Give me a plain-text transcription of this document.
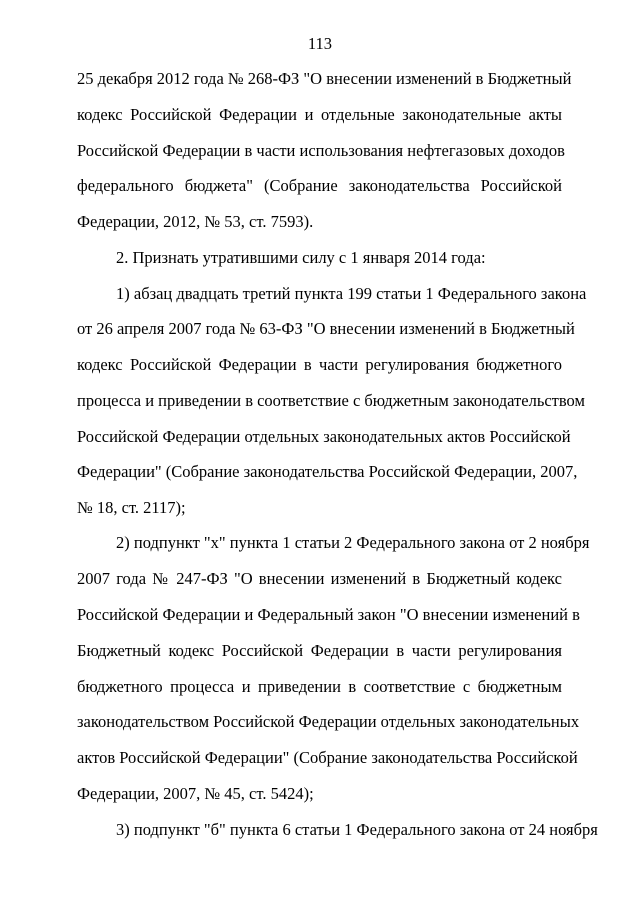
113
25 декабря 2012 года № 268-ФЗ "О внесении изменений в Бюджетный
кодекс Российской Федерации и отдельные законодательные акты
Российской Федерации в части использования нефтегазовых доходов
федерального бюджета" (Собрание законодательства Российской
Федерации, 2012, № 53, ст. 7593).
2. Признать утратившими силу с 1 января 2014 года:
1) абзац двадцать третий пункта 199 статьи 1 Федерального закона
от 26 апреля 2007 года № 63-ФЗ "О внесении изменений в Бюджетный
кодекс Российской Федерации в части регулирования бюджетного
процесса и приведении в соответствие с бюджетным законодательством
Российской Федерации отдельных законодательных актов Российской
Федерации" (Собрание законодательства Российской Федерации, 2007,
№ 18, ст. 2117);
2) подпункт "х" пункта 1 статьи 2 Федерального закона от 2 ноября
2007 года № 247-ФЗ "О внесении изменений в Бюджетный кодекс
Российской Федерации и Федеральный закон "О внесении изменений в
Бюджетный кодекс Российской Федерации в части регулирования
бюджетного процесса и приведении в соответствие с бюджетным
законодательством Российской Федерации отдельных законодательных
актов Российской Федерации" (Собрание законодательства Российской
Федерации, 2007, № 45, ст. 5424);
3) подпункт "б" пункта 6 статьи 1 Федерального закона от 24 ноября
